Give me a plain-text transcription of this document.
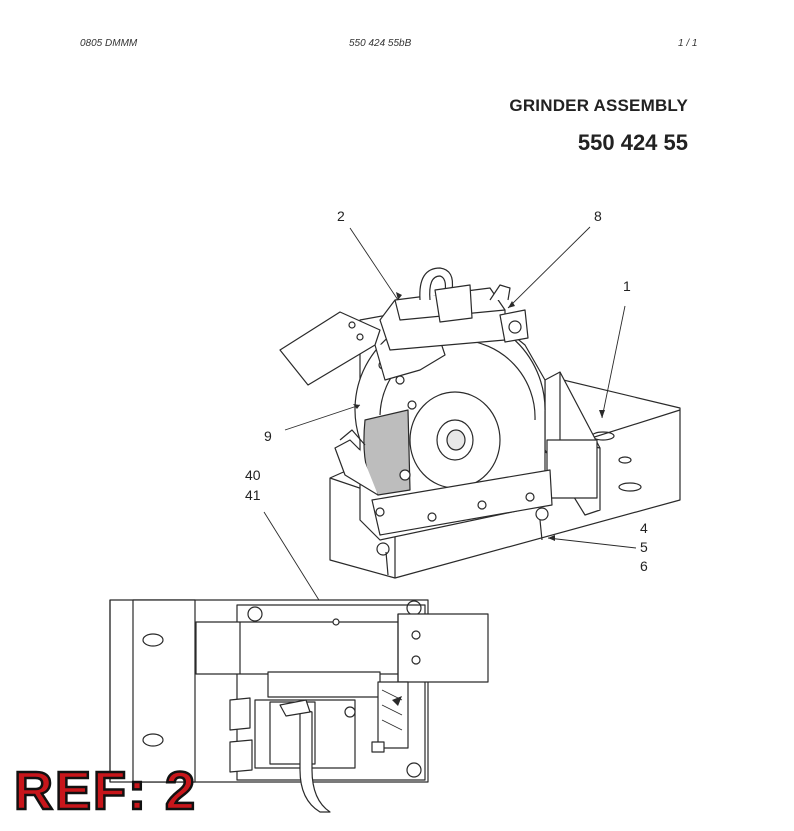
0805 DMMM	550 424 55bB	1 / 1
GRINDER ASSEMBLY
550 424 55
2	8
1
9
40
41
4
5
6
REF: 2
